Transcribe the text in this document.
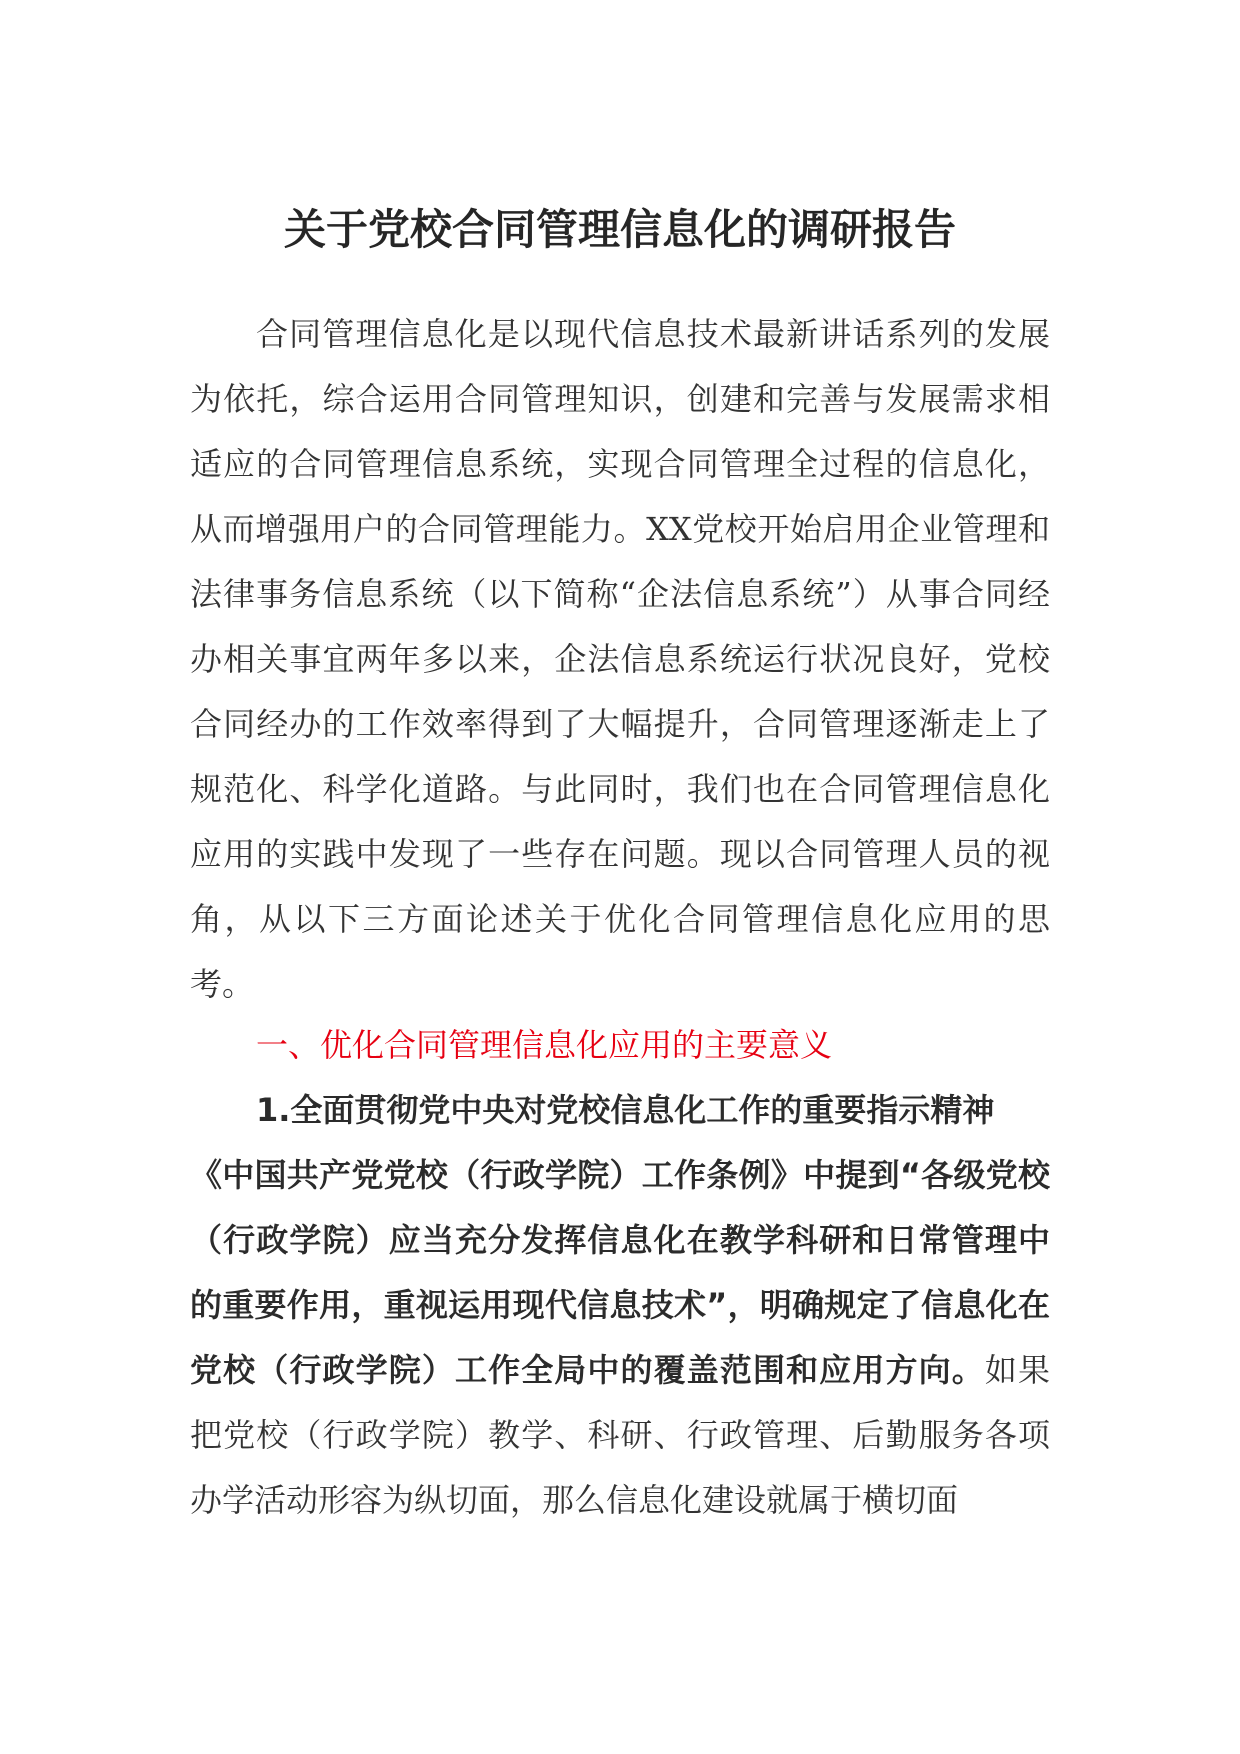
关于党校合同管理信息化的调研报告
合同管理信息化是以现代信息技术最新讲话系列的发展为依托，综合运用合同管理知识，创建和完善与发展需求相适应的合同管理信息系统，实现合同管理全过程的信息化，从而增强用户的合同管理能力。XX党校开始启用企业管理和法律事务信息系统（以下简称“企法信息系统”）从事合同经办相关事宜两年多以来，企法信息系统运行状况良好，党校合同经办的工作效率得到了大幅提升，合同管理逐渐走上了规范化、科学化道路。与此同时，我们也在合同管理信息化应用的实践中发现了一些存在问题。现以合同管理人员的视角，从以下三方面论述关于优化合同管理信息化应用的思考。
一、优化合同管理信息化应用的主要意义
1.全面贯彻党中央对党校信息化工作的重要指示精神
《中国共产党党校（行政学院）工作条例》中提到“各级党校（行政学院）应当充分发挥信息化在教学科研和日常管理中的重要作用，重视运用现代信息技术”，明确规定了信息化在党校（行政学院）工作全局中的覆盖范围和应用方向。如果把党校（行政学院）教学、科研、行政管理、后勤服务各项办学活动形容为纵切面，那么信息化建设就属于横切面
